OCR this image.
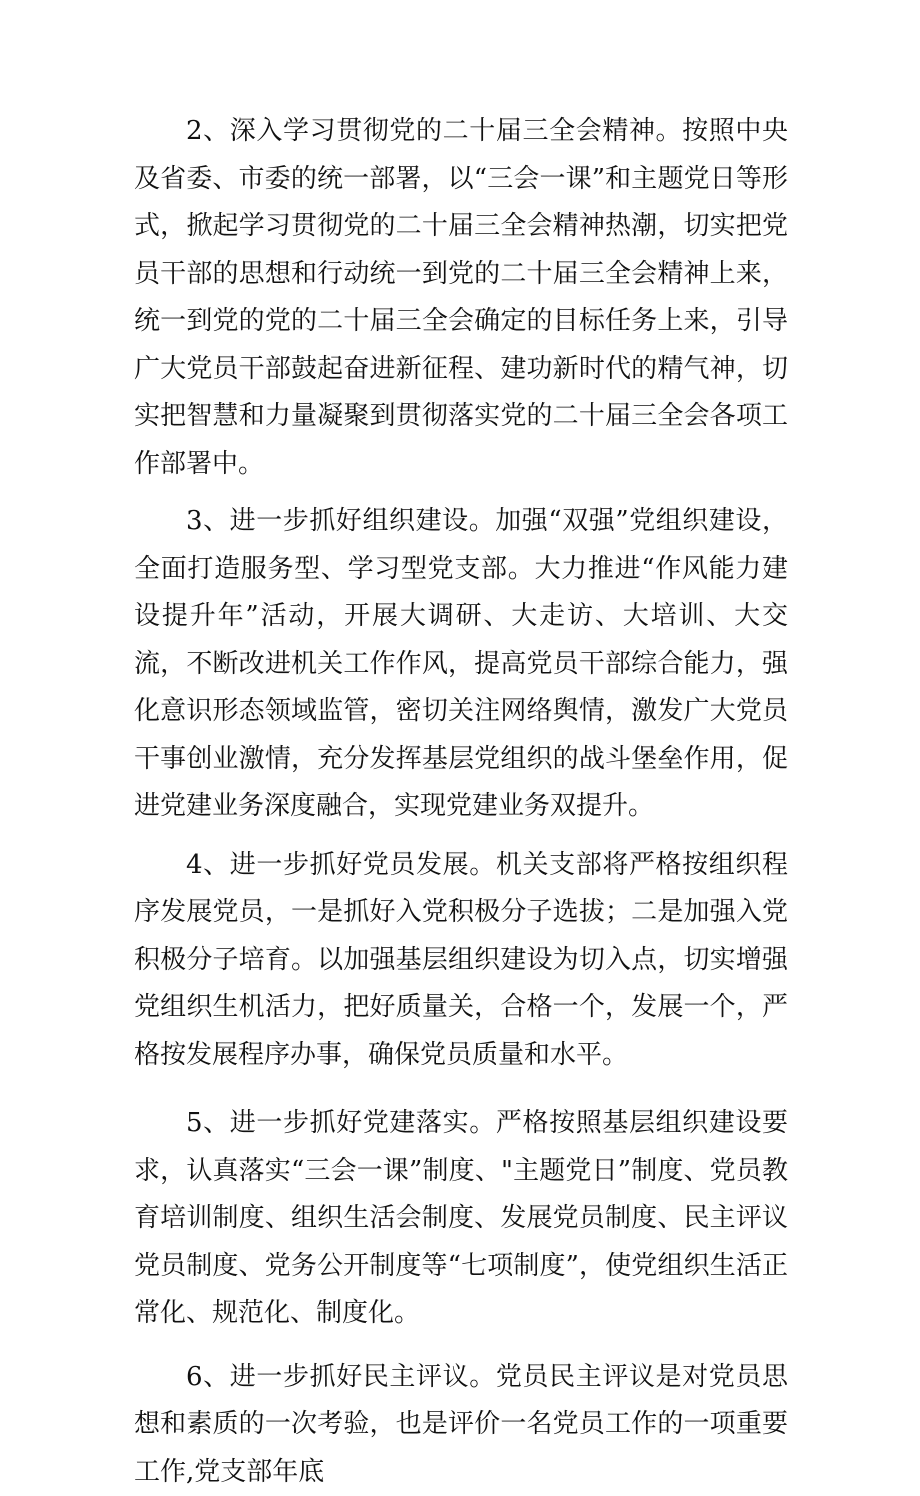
2、深入学习贯彻党的二十届三全会精神。按照中央及省委、市委的统一部署，以“三会一课”和主题党日等形式，掀起学习贯彻党的二十届三全会精神热潮，切实把党员干部的思想和行动统一到党的二十届三全会精神上来，统一到党的党的二十届三全会确定的目标任务上来，引导广大党员干部鼓起奋进新征程、建功新时代的精气神，切实把智慧和力量凝聚到贯彻落实党的二十届三全会各项工作部署中。

3、进一步抓好组织建设。加强“双强”党组织建设，全面打造服务型、学习型党支部。大力推进“作风能力建设提升年”活动，开展大调研、大走访、大培训、大交流，不断改进机关工作作风，提高党员干部综合能力，强化意识形态领域监管，密切关注网络舆情，激发广大党员干事创业激情，充分发挥基层党组织的战斗堡垒作用，促进党建业务深度融合，实现党建业务双提升。

4、进一步抓好党员发展。机关支部将严格按组织程序发展党员，一是抓好入党积极分子选拔；二是加强入党积极分子培育。以加强基层组织建设为切入点，切实增强党组织生机活力，把好质量关，合格一个，发展一个，严格按发展程序办事，确保党员质量和水平。

5、进一步抓好党建落实。严格按照基层组织建设要求，认真落实“三会一课”制度、"主题党日”制度、党员教育培训制度、组织生活会制度、发展党员制度、民主评议党员制度、党务公开制度等“七项制度”，使党组织生活正常化、规范化、制度化。

6、进一步抓好民主评议。党员民主评议是对党员思想和素质的一次考验，也是评价一名党员工作的一项重要工作,党支部年底
